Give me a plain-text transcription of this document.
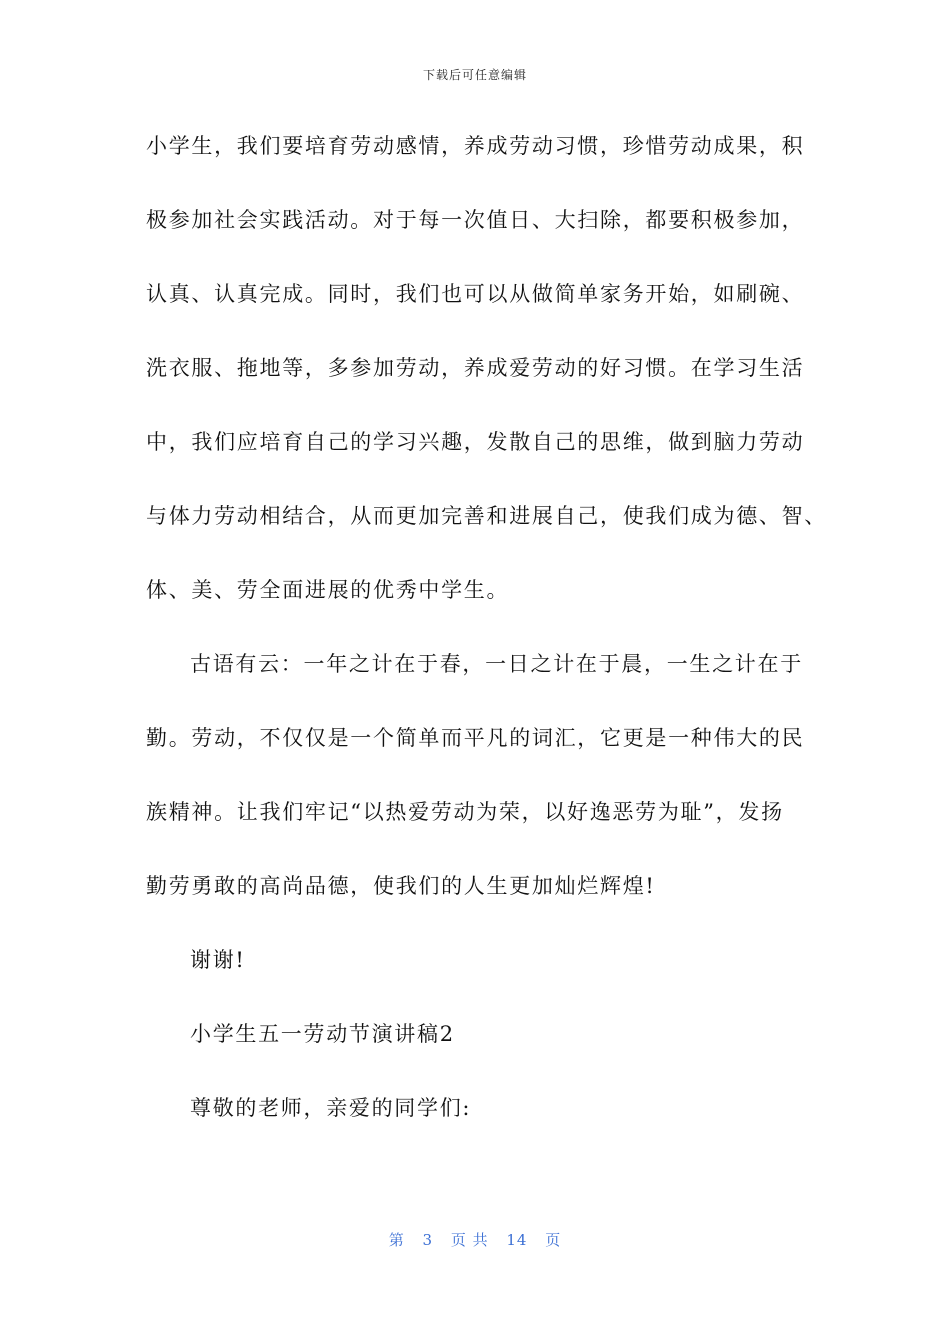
下载后可任意编辑
小学生，我们要培育劳动感情，养成劳动习惯，珍惜劳动成果，积
极参加社会实践活动。对于每一次值日、大扫除，都要积极参加，
认真、认真完成。同时，我们也可以从做简单家务开始，如刷碗、
洗衣服、拖地等，多参加劳动，养成爱劳动的好习惯。在学习生活
中，我们应培育自己的学习兴趣，发散自己的思维，做到脑力劳动
与体力劳动相结合，从而更加完善和进展自己，使我们成为德、智、
体、美、劳全面进展的优秀中学生。
古语有云：一年之计在于春，一日之计在于晨，一生之计在于
勤。劳动，不仅仅是一个简单而平凡的词汇，它更是一种伟大的民
族精神。让我们牢记“以热爱劳动为荣，以好逸恶劳为耻”，发扬
勤劳勇敢的高尚品德，使我们的人生更加灿烂辉煌!
谢谢!
小学生五一劳动节演讲稿2
尊敬的老师，亲爱的同学们:
第 3 页 共 14 页
